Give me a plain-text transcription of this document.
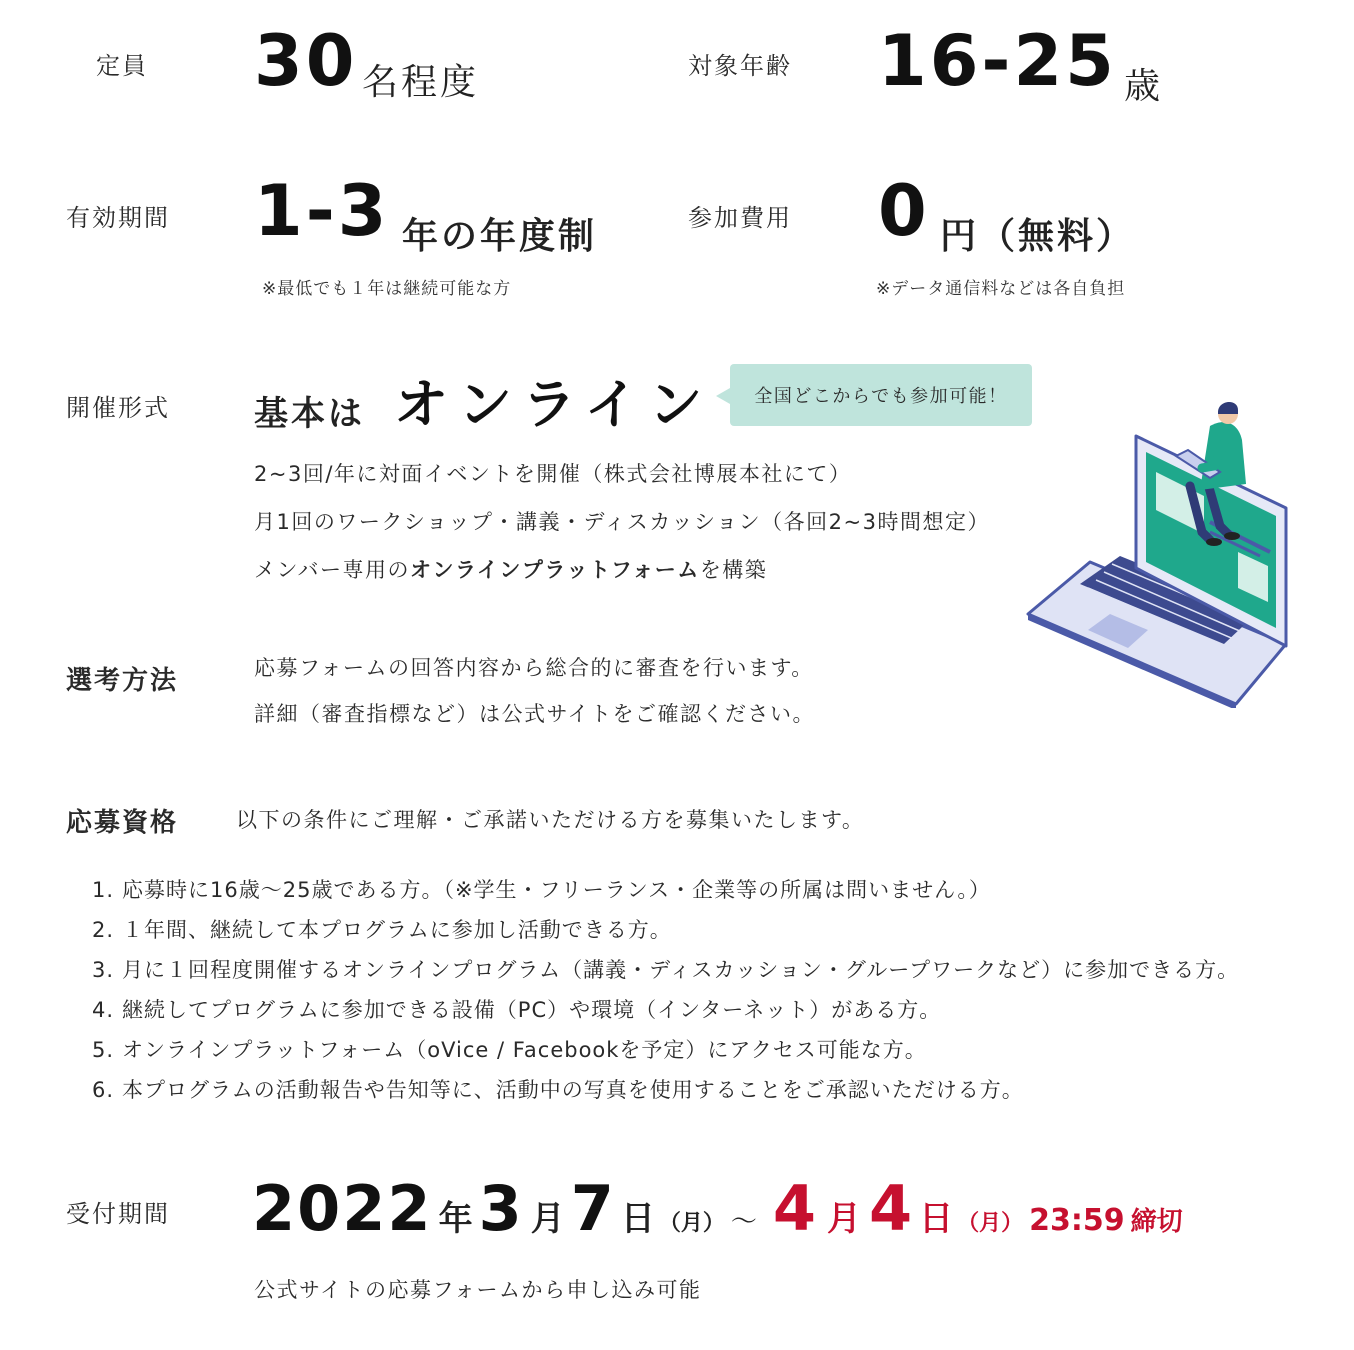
定員 30 名程度	対象年齢 16-25 歳
有効期間 1-3 年の年度制
※最低でも１年は継続可能な方
参加費用 0 円（無料）
※データ通信料などは各自負担
開催形式 基本は オンライン	全国どこからでも参加可能！
2~3回/年に対面イベントを開催（株式会社博展本社にて）
月1回のワークショップ・講義・ディスカッション（各回2~3時間想定）
メンバー専用のオンラインプラットフォームを構築
選考方法	応募フォームの回答内容から総合的に審査を行います。
詳細（審査指標など）は公式サイトをご確認ください。
応募資格	以下の条件にご理解・ご承諾いただける方を募集いたします。
1. 応募時に16歳〜25歳である方。（※学生・フリーランス・企業等の所属は問いません。）
2. １年間、継続して本プログラムに参加し活動できる方。
3. 月に１回程度開催するオンラインプログラム（講義・ディスカッション・グループワークなど）に参加できる方。
4. 継続してプログラムに参加できる設備（PC）や環境（インターネット）がある方。
5. オンラインプラットフォーム（oVice / Facebookを予定）にアクセス可能な方。
6. 本プログラムの活動報告や告知等に、活動中の写真を使用することをご承認いただける方。
受付期間 2022 年 3 月 7 日 （月） 〜 4 月 4 日 （月） 23:59 締切
公式サイトの応募フォームから申し込み可能
